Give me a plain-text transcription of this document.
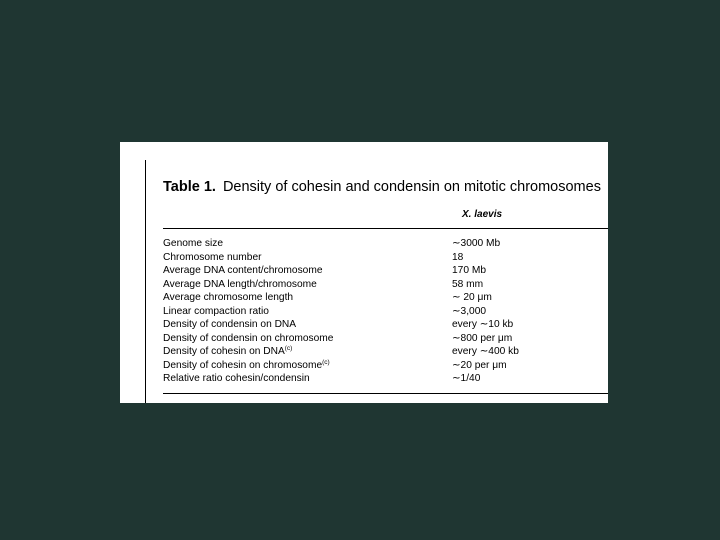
Table 1. Density of cohesin and condensin on mitotic chromosomes
X. laevis
Genome size	∼3000 Mb
Chromosome number	18
Average DNA content/chromosome	170 Mb
Average DNA length/chromosome	58 mm
Average chromosome length	∼ 20 μm
Linear compaction ratio	∼3,000
Density of condensin on DNA	every ∼10 kb
Density of condensin on chromosome	∼800 per μm
Density of cohesin on DNA$^{(c)}$	every ∼400 kb
Density of cohesin on chromosome$^{(c)}$	∼20 per μm
Relative ratio cohesin/condensin	∼1/40
